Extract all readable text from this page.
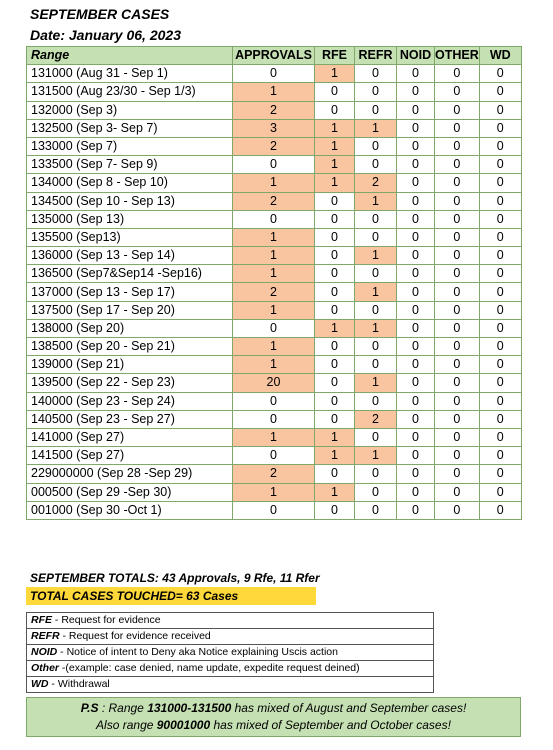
SEPTEMBER CASES
Date: January 06, 2023
Range	APPROVALS	RFE	REFR	NOID	OTHER	WD
131000 (Aug 31 - Sep 1)	0	1	0	0	0	0
131500 (Aug 23/30 - Sep 1/3)	1	0	0	0	0	0
132000 (Sep 3)	2	0	0	0	0	0
132500 (Sep 3- Sep 7)	3	1	1	0	0	0
133000 (Sep 7)	2	1	0	0	0	0
133500 (Sep 7- Sep 9)	0	1	0	0	0	0
134000 (Sep 8 - Sep 10)	1	1	2	0	0	0
134500 (Sep 10 - Sep 13)	2	0	1	0	0	0
135000 (Sep 13)	0	0	0	0	0	0
135500 (Sep13)	1	0	0	0	0	0
136000 (Sep 13 - Sep 14)	1	0	1	0	0	0
136500 (Sep7&Sep14 -Sep16)	1	0	0	0	0	0
137000 (Sep 13 - Sep 17)	2	0	1	0	0	0
137500 (Sep 17 - Sep 20)	1	0	0	0	0	0
138000 (Sep 20)	0	1	1	0	0	0
138500 (Sep 20 - Sep 21)	1	0	0	0	0	0
139000 (Sep 21)	1	0	0	0	0	0
139500 (Sep 22 - Sep 23)	20	0	1	0	0	0
140000 (Sep 23 - Sep 24)	0	0	0	0	0	0
140500 (Sep 23 - Sep 27)	0	0	2	0	0	0
141000 (Sep 27)	1	1	0	0	0	0
141500 (Sep 27)	0	1	1	0	0	0
229000000 (Sep 28 -Sep 29)	2	0	0	0	0	0
000500 (Sep 29 -Sep 30)	1	1	0	0	0	0
001000 (Sep 30 -Oct 1)	0	0	0	0	0	0
SEPTEMBER TOTALS: 43 Approvals, 9 Rfe, 11 Rfer
TOTAL CASES TOUCHED= 63 Cases
RFE - Request for evidence
REFR - Request for evidence received
NOID - Notice of intent to Deny aka Notice explaining Uscis action
Other -(example: case denied, name update, expedite request deined)
WD - Withdrawal
P.S : Range 131000-131500 has mixed of August and September cases!
Also range 90001000 has mixed of September and October cases!
